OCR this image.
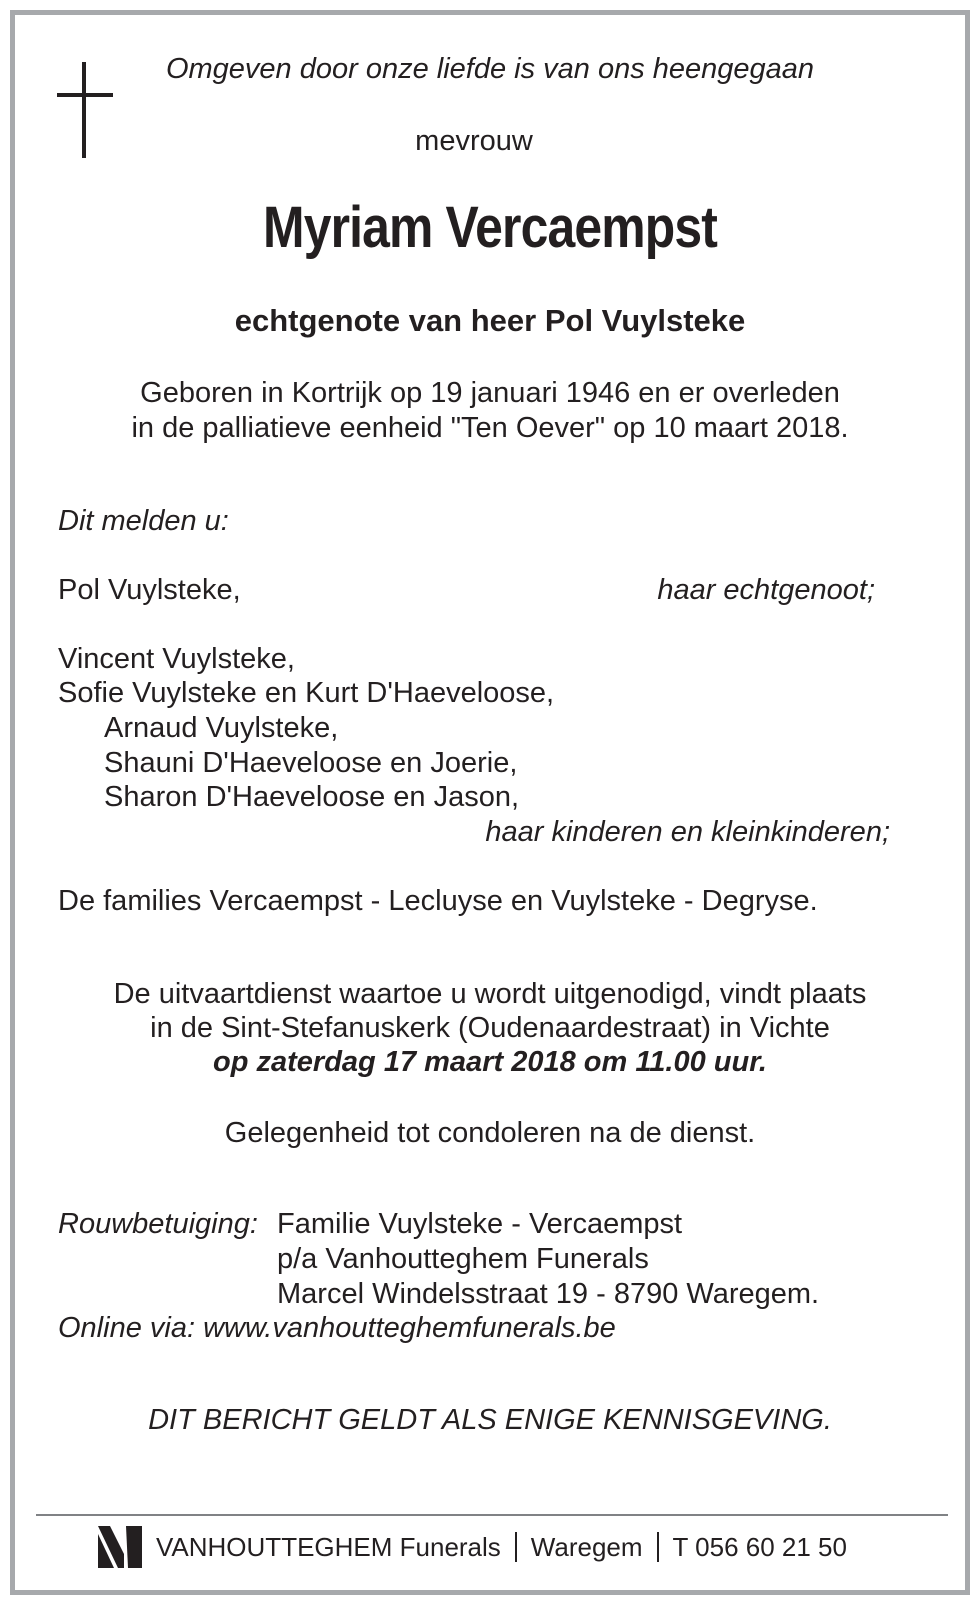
Omgeven door onze liefde is van ons heengegaan

mevrouw

Myriam Vercaempst

echtgenote van heer Pol Vuylsteke

Geboren in Kortrijk op 19 januari 1946 en er overleden

in de palliatieve eenheid "Ten Oever" op 10 maart 2018.

Dit melden u:

Pol Vuylsteke,	haar echtgenoot;

Vincent Vuylsteke,

Sofie Vuylsteke en Kurt D'Haeveloose,

Arnaud Vuylsteke,

Shauni D'Haeveloose en Joerie,

Sharon D'Haeveloose en Jason,

haar kinderen en kleinkinderen;

De families Vercaempst - Lecluyse en Vuylsteke - Degryse.

De uitvaartdienst waartoe u wordt uitgenodigd, vindt plaats

in de Sint-Stefanuskerk (Oudenaardestraat) in Vichte

op zaterdag 17 maart 2018 om 11.00 uur.

Gelegenheid tot condoleren na de dienst.

Rouwbetuiging: Familie Vuylsteke - Vercaempst

p/a Vanhoutteghem Funerals

Marcel Windelsstraat 19 - 8790 Waregem.

Online via: www.vanhoutteghemfunerals.be

DIT BERICHT GELDT ALS ENIGE KENNISGEVING.

VANHOUTTEGHEM Funerals Waregem T 056 60 21 50
